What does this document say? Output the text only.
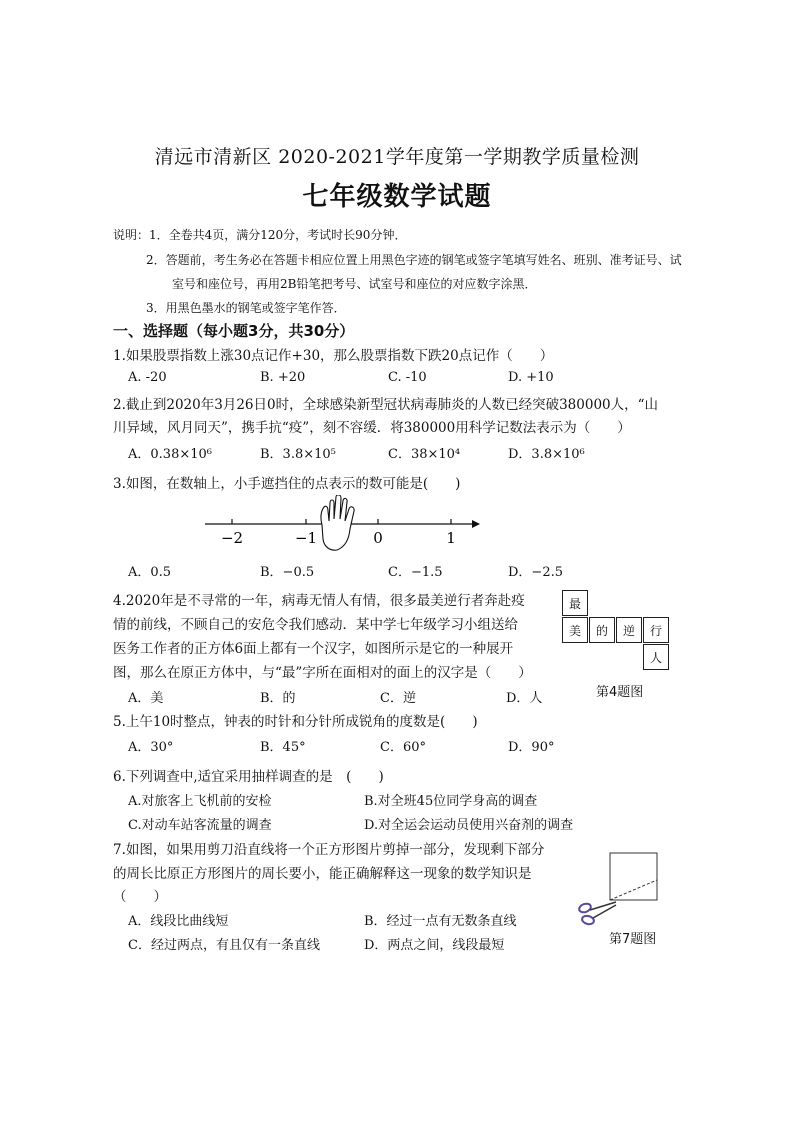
清远市清新区 2020-2021学年度第一学期教学质量检测
七年级数学试题
说明：1．全卷共4页，满分120分，考试时长90分钟．
2．答题前，考生务必在答题卡相应位置上用黑色字迹的钢笔或签字笔填写姓名、班别、准考证号、试
室号和座位号，再用2B铅笔把考号、试室号和座位的对应数字涂黑．
3．用黑色墨水的钢笔或签字笔作答．
一、选择题（每小题3分，共30分）
1.如果股票指数上涨30点记作+30，那么股票指数下跌20点记作（　　）
A. -20	B. +20	C. -10	D. +10
2.截止到2020年3月26日0时，全球感染新型冠状病毒肺炎的人数已经突破380000人，“山
川异域，风月同天”，携手抗“疫”，刻不容缓．将380000用科学记数法表示为（　　）
A．0.38×10⁶	B．3.8×10⁵	C．38×10⁴	D．3.8×10⁶
3.如图，在数轴上，小手遮挡住的点表示的数可能是(　　)
−2	−1	0	1
A．0.5	B．−0.5	C．−1.5	D．−2.5
4.2020年是不寻常的一年，病毒无情人有情，很多最美逆行者奔赴疫
情的前线，不顾自己的安危令我们感动．某中学七年级学习小组送给
医务工作者的正方体6面上都有一个汉字，如图所示是它的一种展开
图，那么在原正方体中，与“最”字所在面相对的面上的汉字是（　　）
A．美	B．的	C．逆	D．人
最
美	的	逆	行
人
第4题图
5.上午10时整点，钟表的时针和分针所成锐角的度数是(　　)
A．30°	B．45°	C．60°	D．90°
6.下列调查中,适宜采用抽样调查的是　(　　)
A.对旅客上飞机前的安检	B.对全班45位同学身高的调查
C.对动车站客流量的调查	D.对全运会运动员使用兴奋剂的调查
7.如图，如果用剪刀沿直线将一个正方形图片剪掉一部分，发现剩下部分
的周长比原正方形图片的周长要小，能正确解释这一现象的数学知识是
（　　）
A．线段比曲线短	B．经过一点有无数条直线
C．经过两点，有且仅有一条直线	D．两点之间，线段最短	第7题图
